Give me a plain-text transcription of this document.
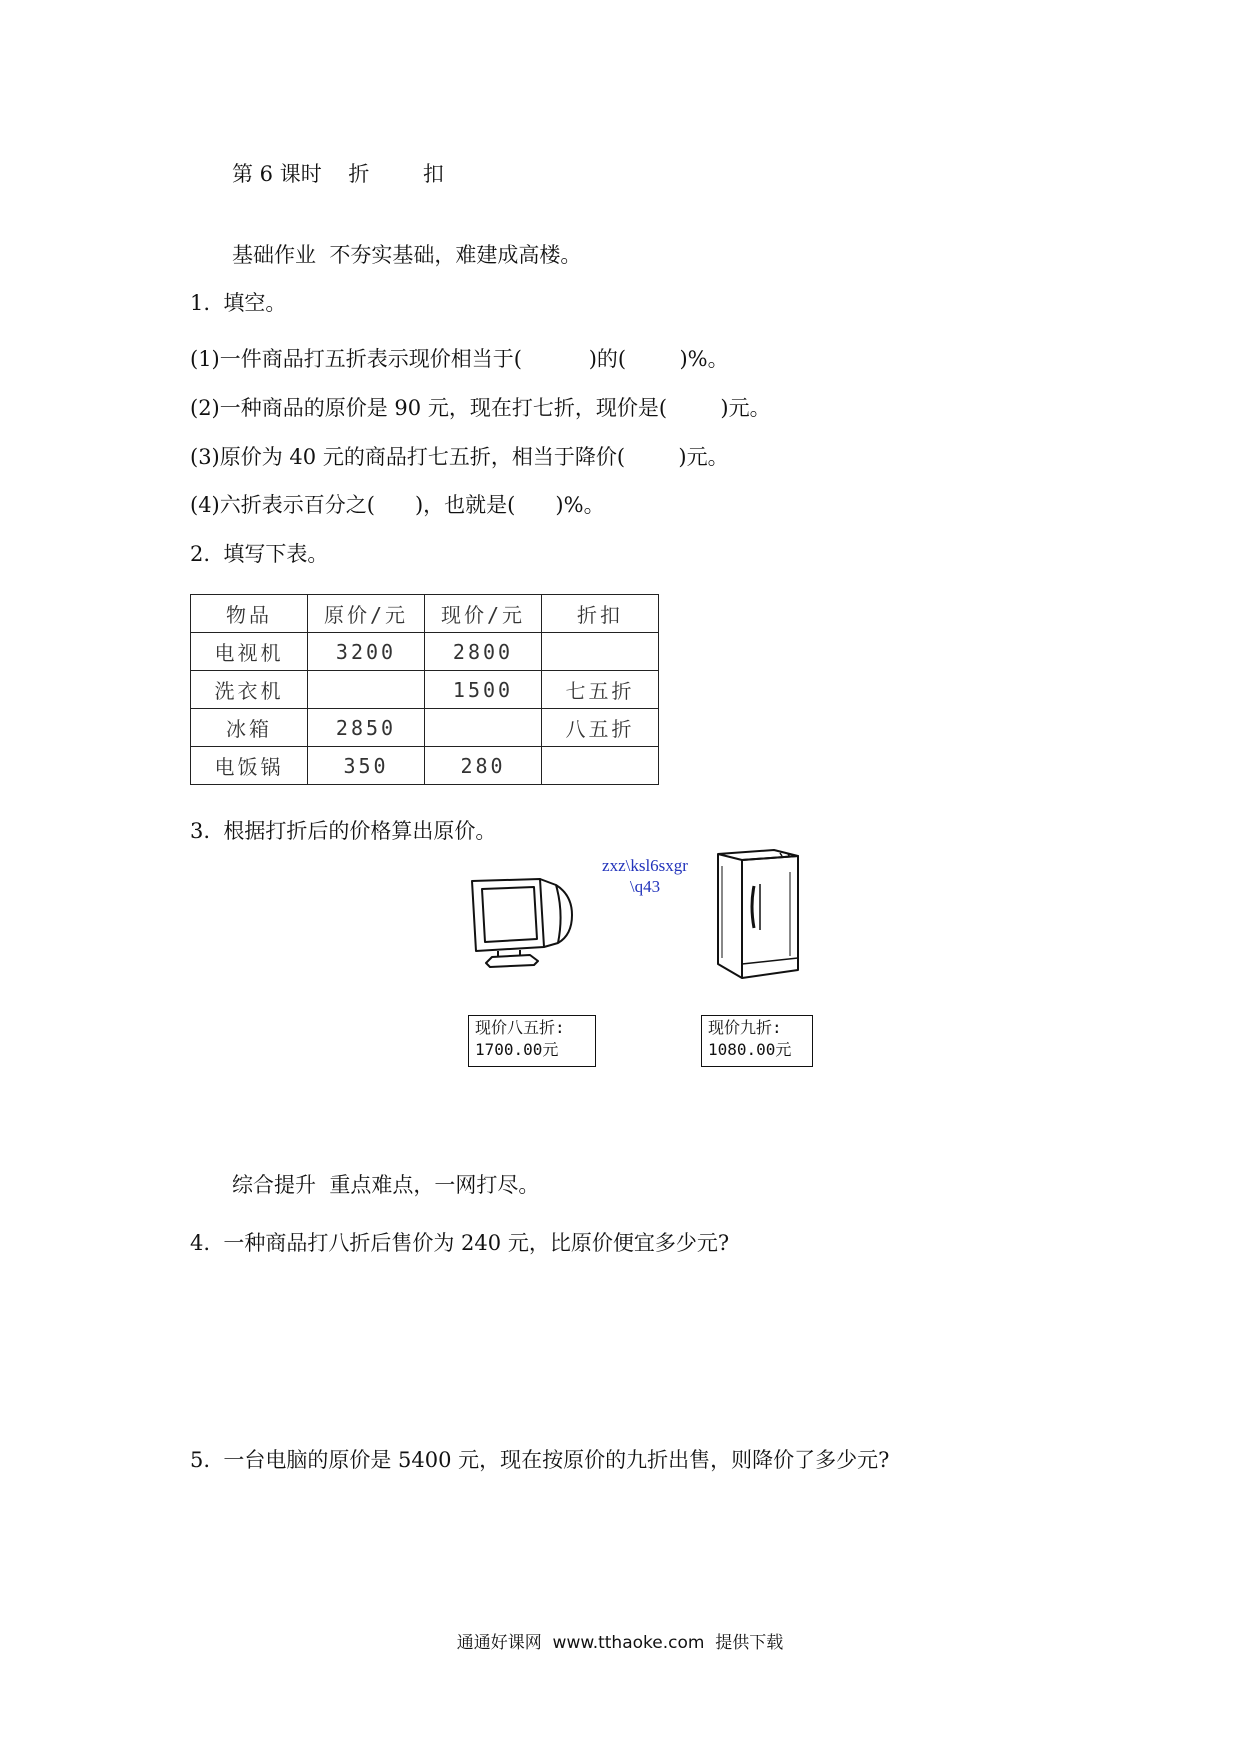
第 6 课时    折        扣
基础作业  不夯实基础，难建成高楼。
1.  填空。
(1)一件商品打五折表示现价相当于(          )的(        )%。
(2)一种商品的原价是 90 元，现在打七折，现价是(        )元。
(3)原价为 40 元的商品打七五折，相当于降价(        )元。
(4)六折表示百分之(      )，也就是(      )%。
2.  填写下表。
物品	原价/元	现价/元	折扣
电视机	3200	2800	
洗衣机		1500	七五折
冰箱	2850		八五折
电饭锅	350	280	
3.  根据打折后的价格算出原价。
zxz\ksl6sxgr
\q43
现价八五折:
1700.00元
现价九折:
1080.00元
综合提升  重点难点，一网打尽。
4.  一种商品打八折后售价为 240 元，比原价便宜多少元?
5.  一台电脑的原价是 5400 元，现在按原价的九折出售，则降价了多少元?
通通好课网  www.tthaoke.com  提供下载
